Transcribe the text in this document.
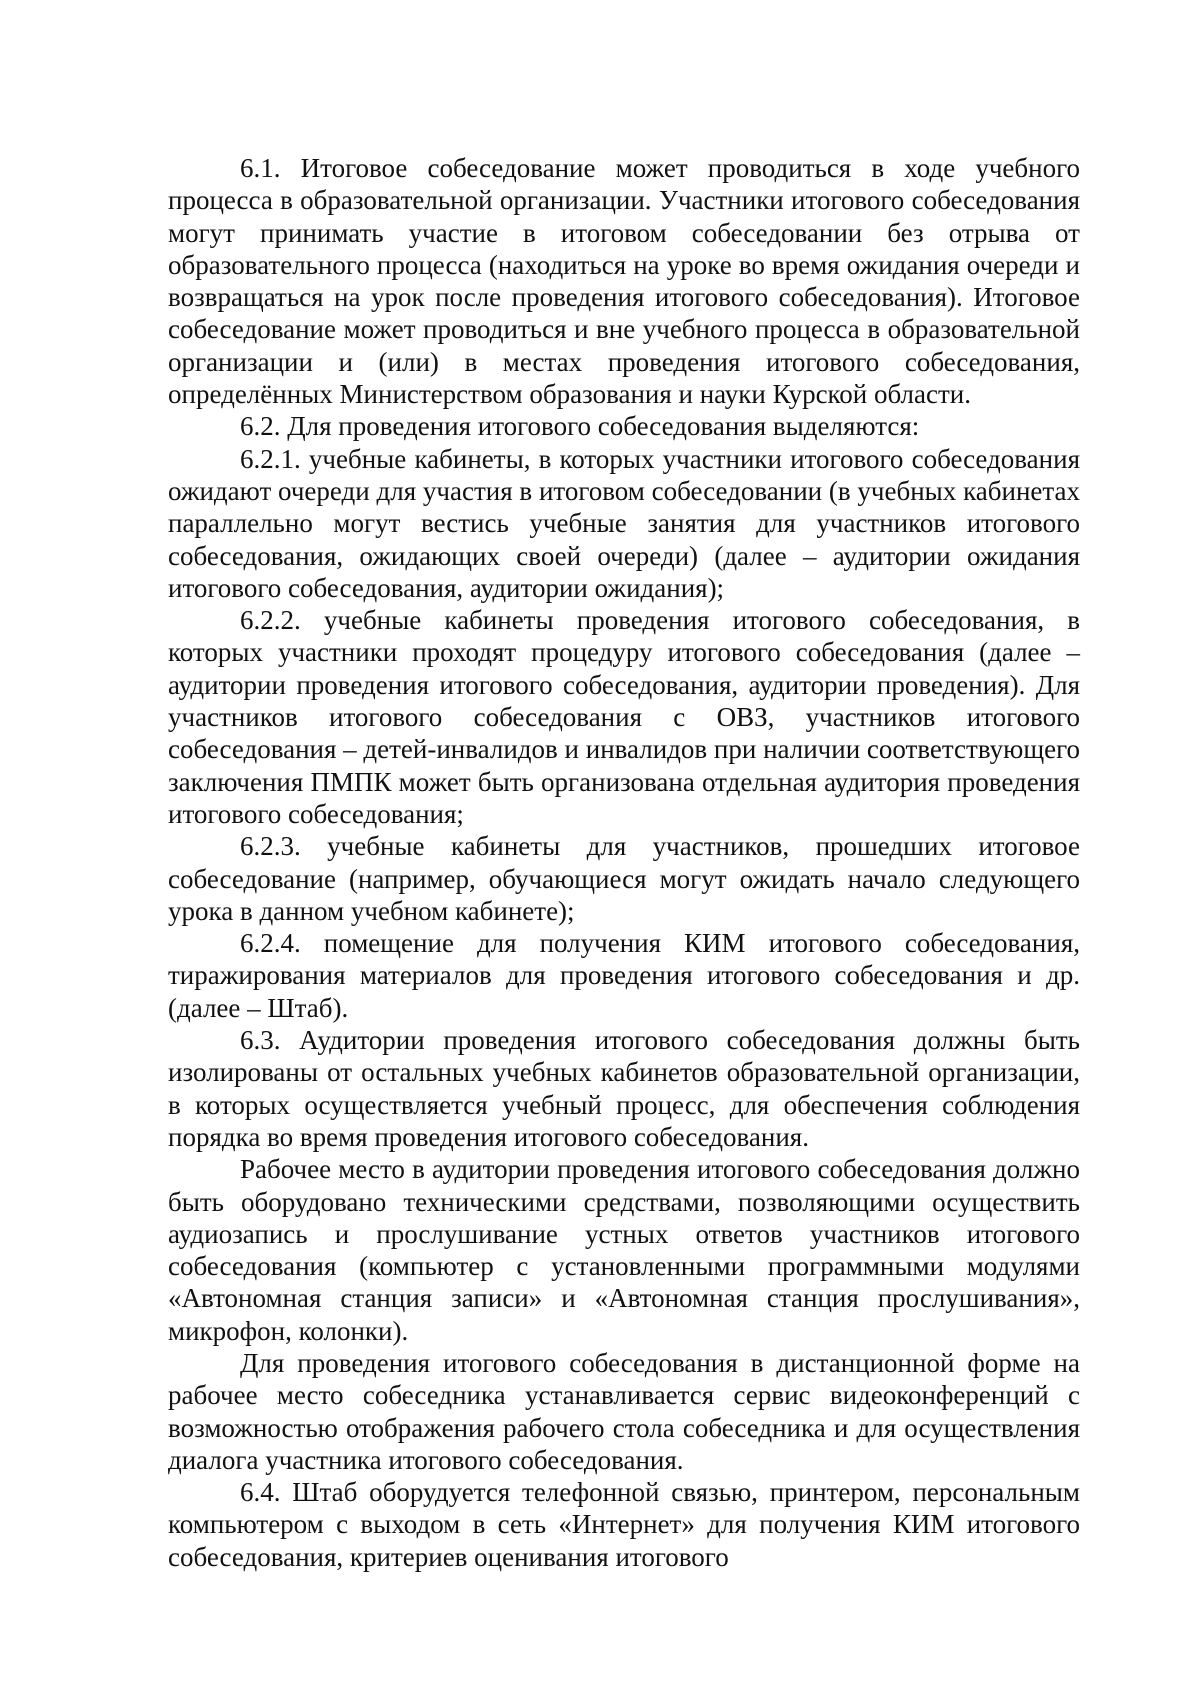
6.1. Итоговое собеседование может проводиться в ходе учебного процесса в образовательной организации. Участники итогового собеседования могут принимать участие в итоговом собеседовании без отрыва от образовательного процесса (находиться на уроке во время ожидания очереди и возвращаться на урок после проведения итогового собеседования). Итоговое собеседование может проводиться и вне учебного процесса в образовательной организации и (или) в местах проведения итогового собеседования, определённых Министерством образования и науки Курской области.

6.2. Для проведения итогового собеседования выделяются:

6.2.1. учебные кабинеты, в которых участники итогового собеседования ожидают очереди для участия в итоговом собеседовании (в учебных кабинетах параллельно могут вестись учебные занятия для участников итогового собеседования, ожидающих своей очереди) (далее – аудитории ожидания итогового собеседования, аудитории ожидания);

6.2.2. учебные кабинеты проведения итогового собеседования, в которых участники проходят процедуру итогового собеседования (далее – аудитории проведения итогового собеседования, аудитории проведения). Для участников итогового собеседования с ОВЗ, участников итогового собеседования – детей-инвалидов и инвалидов при наличии соответствующего заключения ПМПК может быть организована отдельная аудитория проведения итогового собеседования;

6.2.3. учебные кабинеты для участников, прошедших итоговое собеседование (например, обучающиеся могут ожидать начало следующего урока в данном учебном кабинете);

6.2.4. помещение для получения КИМ итогового собеседования, тиражирования материалов для проведения итогового собеседования и др. (далее – Штаб).

6.3. Аудитории проведения итогового собеседования должны быть изолированы от остальных учебных кабинетов образовательной организации, в которых осуществляется учебный процесс, для обеспечения соблюдения порядка во время проведения итогового собеседования.

Рабочее место в аудитории проведения итогового собеседования должно быть оборудовано техническими средствами, позволяющими осуществить аудиозапись и прослушивание устных ответов участников итогового собеседования (компьютер с установленными программными модулями «Автономная станция записи» и «Автономная станция прослушивания», микрофон, колонки).

Для проведения итогового собеседования в дистанционной форме на рабочее место собеседника устанавливается сервис видеоконференций с возможностью отображения рабочего стола собеседника и для осуществления диалога участника итогового собеседования.

6.4. Штаб оборудуется телефонной связью, принтером, персональным компьютером с выходом в сеть «Интернет» для получения КИМ итогового собеседования, критериев оценивания итогового
